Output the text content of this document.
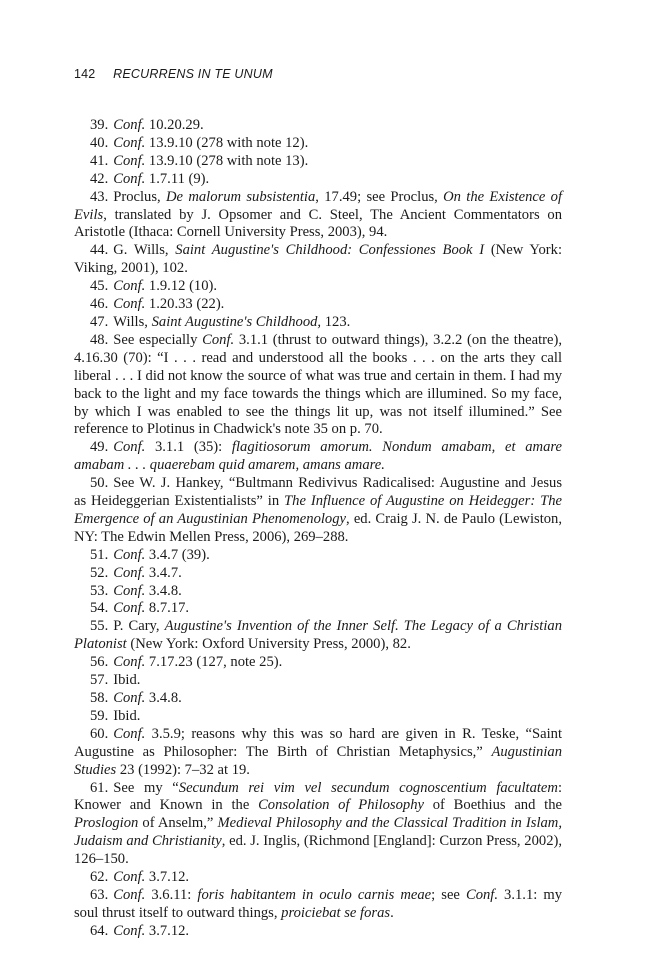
142 RECURRENS IN TE UNUM

39. Conf. 10.20.29.

40. Conf. 13.9.10 (278 with note 12).

41. Conf. 13.9.10 (278 with note 13).

42. Conf. 1.7.11 (9).

43. Proclus, De malorum subsistentia, 17.49; see Proclus, On the Existence of Evils, translated by J. Opsomer and C. Steel, The Ancient Commentators on Aristotle (Ithaca: Cornell University Press, 2003), 94.

44. G. Wills, Saint Augustine's Childhood: Confessiones Book I (New York: Viking, 2001), 102.

45. Conf. 1.9.12 (10).

46. Conf. 1.20.33 (22).

47. Wills, Saint Augustine's Childhood, 123.

48. See especially Conf. 3.1.1 (thrust to outward things), 3.2.2 (on the theatre), 4.16.30 (70): “I . . . read and understood all the books . . . on the arts they call liberal . . . I did not know the source of what was true and certain in them. I had my back to the light and my face towards the things which are illumined. So my face, by which I was enabled to see the things lit up, was not itself illumined.” See reference to Plotinus in Chadwick's note 35 on p. 70.

49. Conf. 3.1.1 (35): flagitiosorum amorum. Nondum amabam, et amare amabam . . . quaerebam quid amarem, amans amare.

50. See W. J. Hankey, “Bultmann Redivivus Radicalised: Augustine and Jesus as Heideggerian Existentialists” in The Influence of Augustine on Heidegger: The Emergence of an Augustinian Phenomenology, ed. Craig J. N. de Paulo (Lewiston, NY: The Edwin Mellen Press, 2006), 269–288.

51. Conf. 3.4.7 (39).

52. Conf. 3.4.7.

53. Conf. 3.4.8.

54. Conf. 8.7.17.

55. P. Cary, Augustine's Invention of the Inner Self. The Legacy of a Christian Platonist (New York: Oxford University Press, 2000), 82.

56. Conf. 7.17.23 (127, note 25).

57. Ibid.

58. Conf. 3.4.8.

59. Ibid.

60. Conf. 3.5.9; reasons why this was so hard are given in R. Teske, “Saint Augustine as Philosopher: The Birth of Christian Metaphysics,” Augustinian Studies 23 (1992): 7–32 at 19.

61. See my “Secundum rei vim vel secundum cognoscentium facultatem: Knower and Known in the Consolation of Philosophy of Boethius and the Proslogion of Anselm,” Medieval Philosophy and the Classical Tradition in Islam, Judaism and Christianity, ed. J. Inglis, (Richmond [England]: Curzon Press, 2002), 126–150.

62. Conf. 3.7.12.

63. Conf. 3.6.11: foris habitantem in oculo carnis meae; see Conf. 3.1.1: my soul thrust itself to outward things, proiciebat se foras.

64. Conf. 3.7.12.
